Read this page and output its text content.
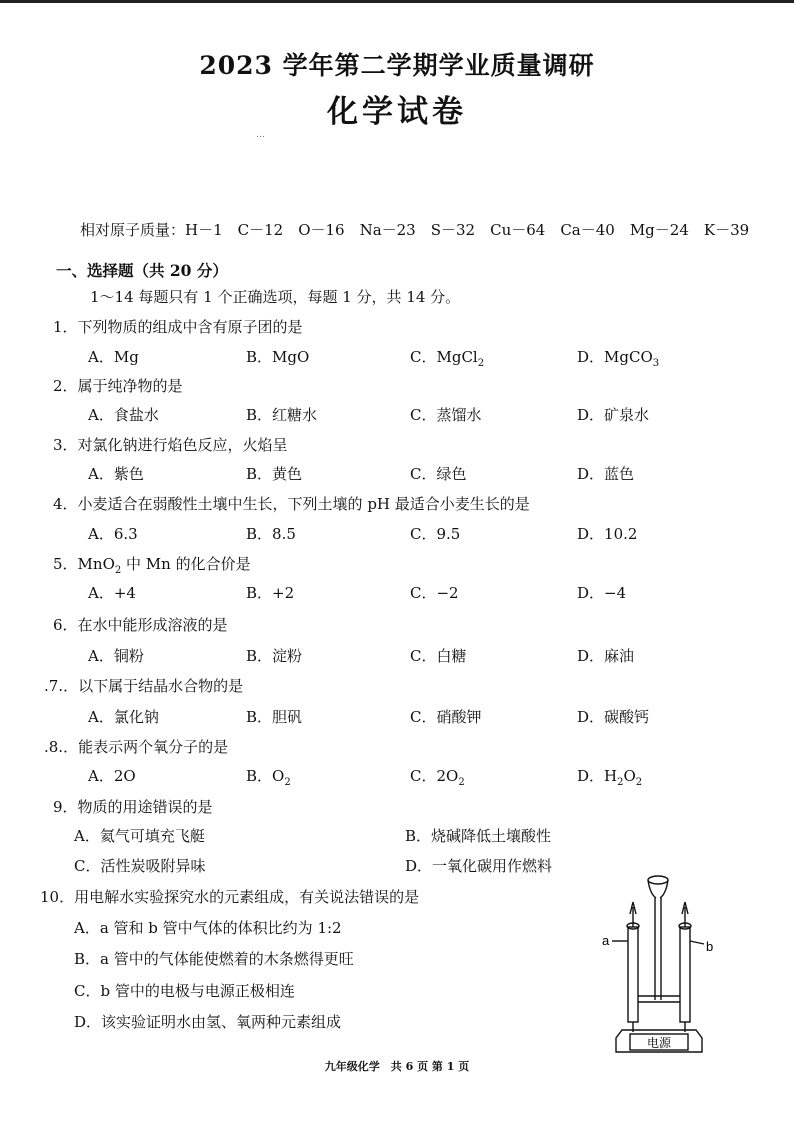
2023 学年第二学期学业质量调研
化学试卷
…
相对原子质量：H－1　C－12　O－16　Na－23　S－32　Cu－64　Ca－40　Mg－24　K－39
一、选择题（共 20 分）
1～14 每题只有 1 个正确选项，每题 1 分，共 14 分。
1．下列物质的组成中含有原子团的是
A．Mg	B．MgO	C．MgCl$_2$	D．MgCO$_3$
2．属于纯净物的是
A．食盐水	B．红糖水	C．蒸馏水	D．矿泉水
3．对氯化钠进行焰色反应，火焰呈
A．紫色	B．黄色	C．绿色	D．蓝色
4．小麦适合在弱酸性土壤中生长，下列土壤的 pH 最适合小麦生长的是
A．6.3	B．8.5	C．9.5	D．10.2
5．MnO$_2$ 中 Mn 的化合价是
A．+4	B．+2	C．−2	D．−4
6．在水中能形成溶液的是
A．铜粉	B．淀粉	C．白糖	D．麻油
.7.．以下属于结晶水合物的是
A．氯化钠	B．胆矾	C．硝酸钾	D．碳酸钙
.8.．能表示两个氧分子的是
A．2O	B．$O_2$	C．$2O_2$	D．$H_2O_2$
9．物质的用途错误的是
A．氦气可填充飞艇	B．烧碱降低土壤酸性
C．活性炭吸附异味	D．一氧化碳用作燃料
10．用电解水实验探究水的元素组成，有关说法错误的是
A．a 管和 b 管中气体的体积比约为 1:2
B．a 管中的气体能使燃着的木条燃得更旺
C．b 管中的电极与电源正极相连
D．该实验证明水由氢、氧两种元素组成
a	b
电源
九年级化学　共 6 页 第 1 页
